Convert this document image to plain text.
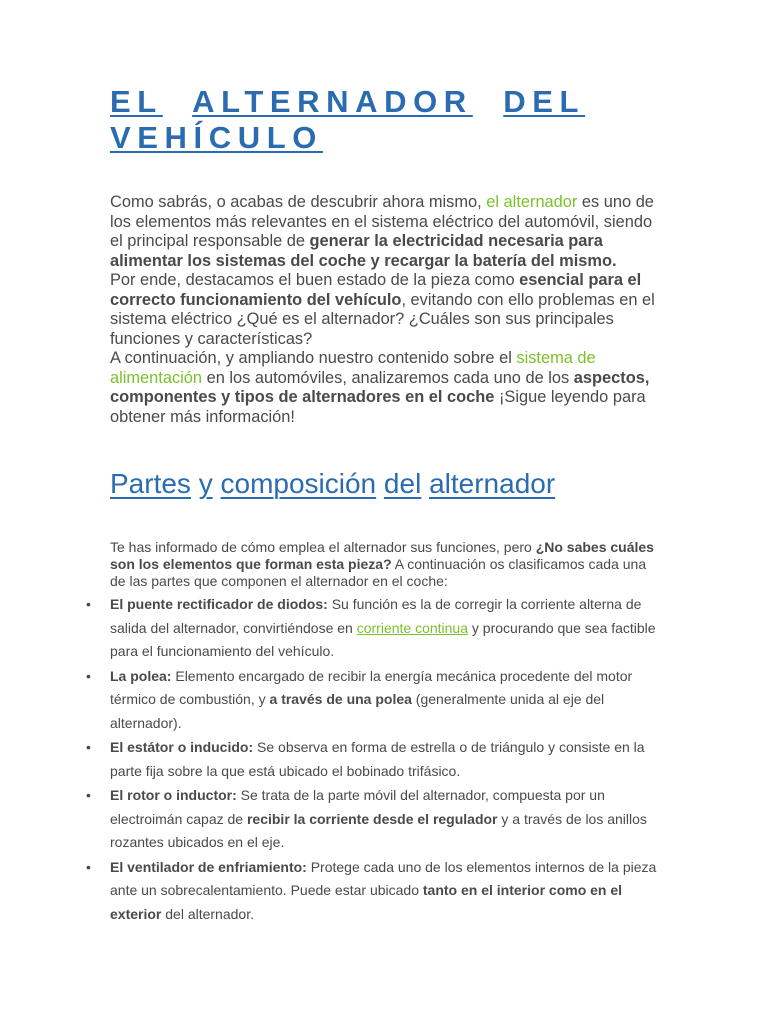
EL ALTERNADOR DEL
VEHÍCULO

Como sabrás, o acabas de descubrir ahora mismo, el alternador es uno de los elementos más relevantes en el sistema eléctrico del automóvil, siendo el principal responsable de generar la electricidad necesaria para alimentar los sistemas del coche y recargar la batería del mismo.

Por ende, destacamos el buen estado de la pieza como esencial para el correcto funcionamiento del vehículo, evitando con ello problemas en el sistema eléctrico ¿Qué es el alternador? ¿Cuáles son sus principales funciones y características?

A continuación, y ampliando nuestro contenido sobre el sistema de alimentación en los automóviles, analizaremos cada uno de los aspectos, componentes y tipos de alternadores en el coche ¡Sigue leyendo para obtener más información!

Partes y composición del alternador

Te has informado de cómo emplea el alternador sus funciones, pero ¿No sabes cuáles son los elementos que forman esta pieza? A continuación os clasificamos cada una de las partes que componen el alternador en el coche:

• El puente rectificador de diodos: Su función es la de corregir la corriente alterna de salida del alternador, convirtiéndose en corriente continua y procurando que sea factible para el funcionamiento del vehículo.
• La polea: Elemento encargado de recibir la energía mecánica procedente del motor térmico de combustión, y a través de una polea (generalmente unida al eje del alternador).
• El estátor o inducido: Se observa en forma de estrella o de triángulo y consiste en la parte fija sobre la que está ubicado el bobinado trifásico.
• El rotor o inductor: Se trata de la parte móvil del alternador, compuesta por un electroimán capaz de recibir la corriente desde el regulador y a través de los anillos rozantes ubicados en el eje.
• El ventilador de enfriamiento: Protege cada uno de los elementos internos de la pieza ante un sobrecalentamiento. Puede estar ubicado tanto en el interior como en el exterior del alternador.
